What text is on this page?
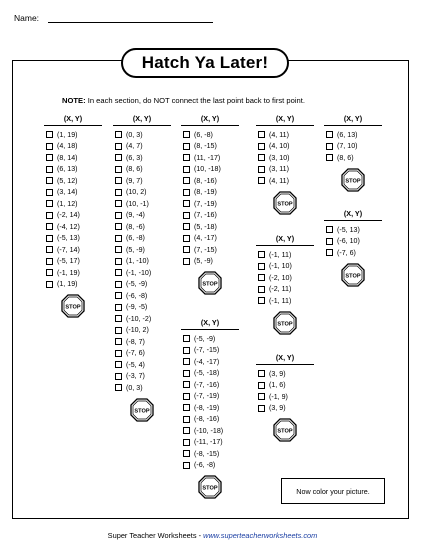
Name:
Hatch Ya Later!
NOTE: In each section, do NOT connect the last point back to first point.
(X, Y)
(1, 19)
(4, 18)
(8, 14)
(6, 13)
(5, 12)
(3, 14)
(1, 12)
(-2, 14)
(-4, 12)
(-5, 13)
(-7, 14)
(-5, 17)
(-1, 19)
(1, 19)
STOP
(X, Y)
(0, 3)
(4, 7)
(6, 3)
(8, 6)
(9, 7)
(10, 2)
(10, -1)
(9, -4)
(8, -6)
(6, -8)
(5, -9)
(1, -10)
(-1, -10)
(-5, -9)
(-6, -8)
(-9, -5)
(-10, -2)
(-10, 2)
(-8, 7)
(-7, 6)
(-5, 4)
(-3, 7)
(0, 3)
STOP
(X, Y)
(6, -8)
(8, -15)
(11, -17)
(10, -18)
(8, -16)
(8, -19)
(7, -19)
(7, -16)
(5, -18)
(4, -17)
(7, -15)
(5, -9)
STOP
(X, Y)
(-5, -9)
(-7, -15)
(-4, -17)
(-5, -18)
(-7, -16)
(-7, -19)
(-8, -19)
(-8, -16)
(-10, -18)
(-11, -17)
(-8, -15)
(-6, -8)
STOP
(X, Y)
(4, 11)
(4, 10)
(3, 10)
(3, 11)
(4, 11)
STOP
(X, Y)
(-1, 11)
(-1, 10)
(-2, 10)
(-2, 11)
(-1, 11)
STOP
(X, Y)
(3, 9)
(1, 6)
(-1, 9)
(3, 9)
STOP
(X, Y)
(6, 13)
(7, 10)
(8, 6)
STOP
(X, Y)
(-5, 13)
(-6, 10)
(-7, 6)
STOP
Now color your picture.
Super Teacher Worksheets - www.superteacherworksheets.com
